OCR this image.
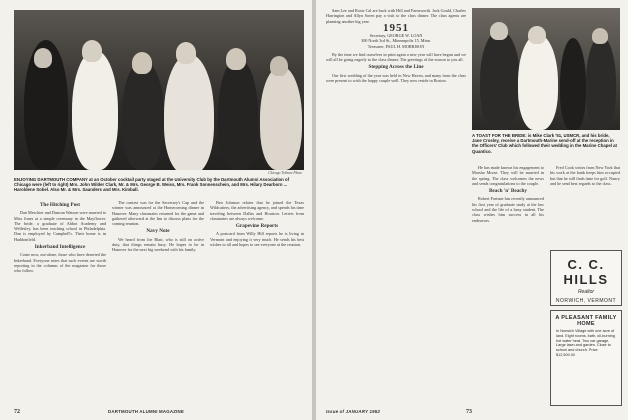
Chicago Tribune Photo
ENJOYING DARTMOUTH COMPANY at an October cocktail party staged at the University Club by the Dartmouth Alumni Association of Chicago were (left to right) Mrs. John Wilder Clark, Mr. & Mrs. George B. Weiss, Mrs. Frank Sonnenschein, and Mrs. Hilary Dearborn ... Haroldene Sobel. Also Mr. & Mrs. Saunders and Mrs. Kimball.
The Hitching Post

Dan Meschter and Duncan Watson were married to Miss Jones at a simple ceremony in the Mayflower. The bride, a graduate of Abbot Academy and Wellesley, has been teaching school in Philadelphia. Dan is employed by Campbell's. Their home is in Haddonfield.

Inkerband Intelligence

Come now, out-alone, those who have deserted the Inkerband. Everyone notes that such events are worth reporting in the columns of the magazine for those who follow.

The contest was for the Secretary's Cup and the winner was announced at the Homecoming dinner in Hanover. Many classmates returned for the game and gathered afterward at the Inn to discuss plans for the coming reunion.

Navy Note

We heard from Joe Blair, who is still on active duty, that things remain busy. He hopes to be in Hanover for the next big weekend with his family.

Ben Johnson relates that he joined the Texas Wildcatters, the advertising agency, and spends his time traveling between Dallas and Houston. Letters from classmates are always welcome.

Grapevine Reports

A postcard from Willy Hill reports he is living in Vermont and enjoying it very much. He sends his best wishes to all and hopes to see everyone at the reunion.

72	DARTMOUTH ALUMNI MAGAZINE

Sam Lee and Rosie Cal are back with Hill and Farnsworth. Jack Gould, Charles Harrington and Allyn Soren pay a visit to the class dinner. The class agents are planning another big year.

1951
Secretary, GEORGE W. LOAN
300 North 3rd St., Minneapolis 15, Minn.
Treasurer, PAUL H. MORRISON

By the time we find ourselves in print again a new year will have begun and we will all be going eagerly to the class dinner. The greetings of the season to you all.

Stepping Across the Line

Our first wedding of the year was held in New Haven, and many from the class were present to wish the happy couple well. They now reside in Boston.

A TOAST FOR THE BRIDE: is Mike Clark '51, USMCR, and his bride, Jane Crosley, receive a Dartmouth-Marine send-off at the reception in the Officers' Club which followed their wedding in the Marine Chapel at Quantico.

He has made known his engagement to Marsha Morse. They will be married in the spring. The class welcomes the news and sends congratulations to the couple.

Beach 'n' Beachy

Robert Fortune has recently announced his first year of graduate study at the law school and the life of a busy student. The class wishes him success in all his endeavors.

Fred Cook writes from New York that his work at the bank keeps him occupied but that he still finds time for golf. Nancy and he send best regards to the class.

C. C. HILLS
Realtor
NORWICH, VERMONT
A PLEASANT FAMILY HOME
In Norwich Village with one acre of land. Eight rooms, bath, oil-burning hot water heat. Two car garage. Large lawn and garden. Close to school and church. Price $12,500.00
Issue of JANUARY 1952	73
